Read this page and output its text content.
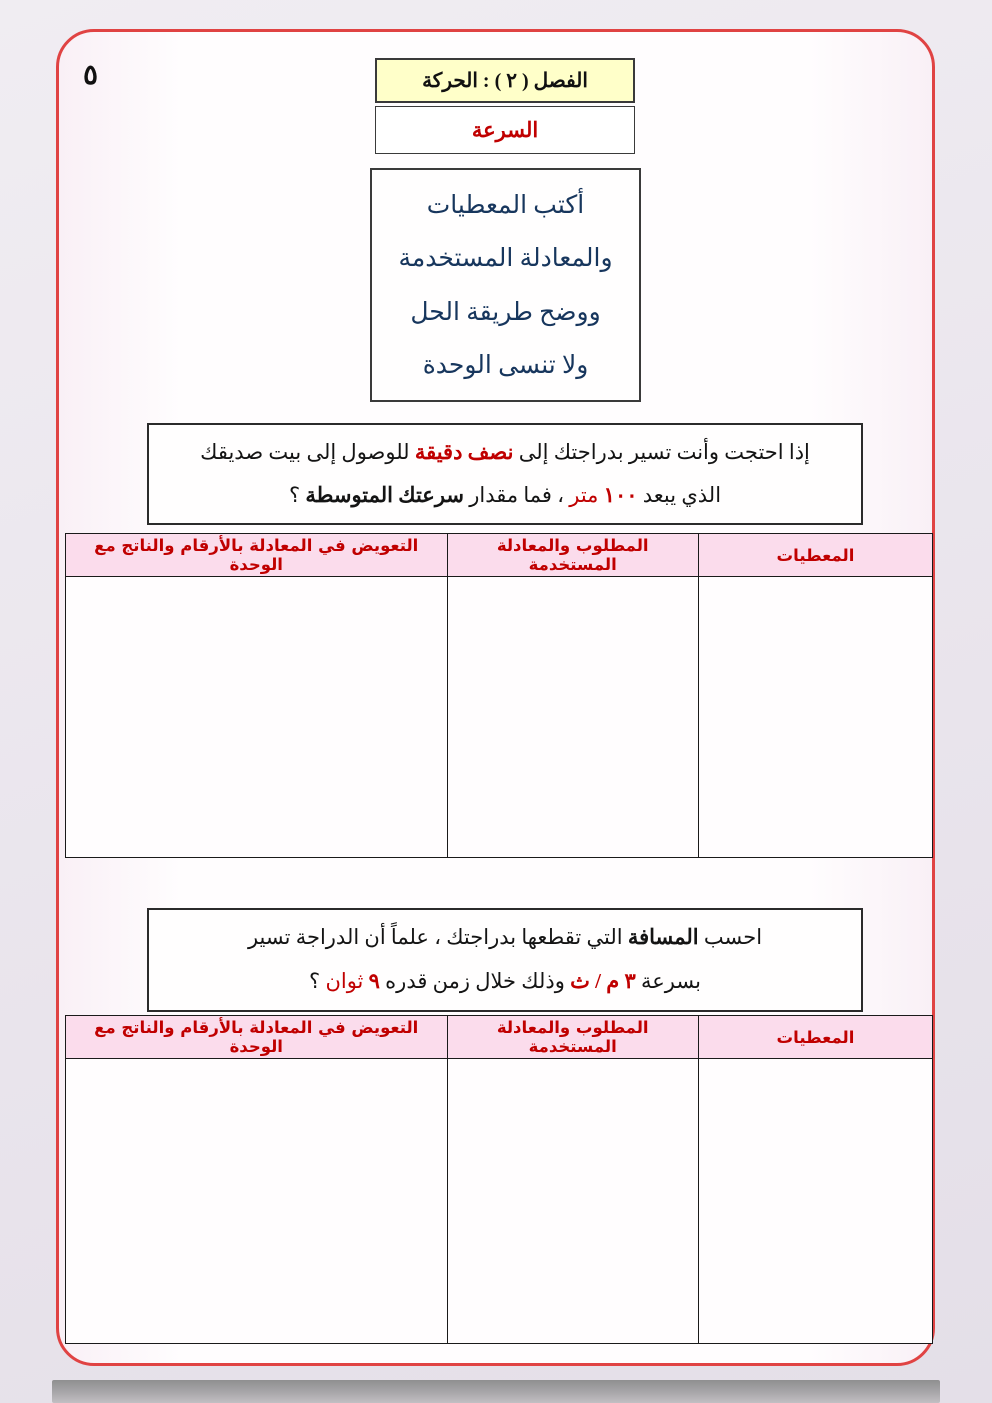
٥	الفصل ( ٢ ) : الحركة
السرعة
أكتب المعطيات
والمعادلة المستخدمة
ووضح طريقة الحل
ولا تنسى الوحدة
إذا احتجت وأنت تسير بدراجتك إلى نصف دقيقة للوصول إلى بيت صديقك
الذي يبعد ١٠٠ متر ، فما مقدار سرعتك المتوسطة ؟
المعطيات	المطلوب والمعادلة المستخدمة	التعويض في المعادلة بالأرقام والناتج مع الوحدة

احسب المسافة التي تقطعها بدراجتك ، علماً أن الدراجة تسير
بسرعة ٣ م / ث وذلك خلال زمن قدره ٩ ثوان ؟
المعطيات	المطلوب والمعادلة المستخدمة	التعويض في المعادلة بالأرقام والناتج مع الوحدة
